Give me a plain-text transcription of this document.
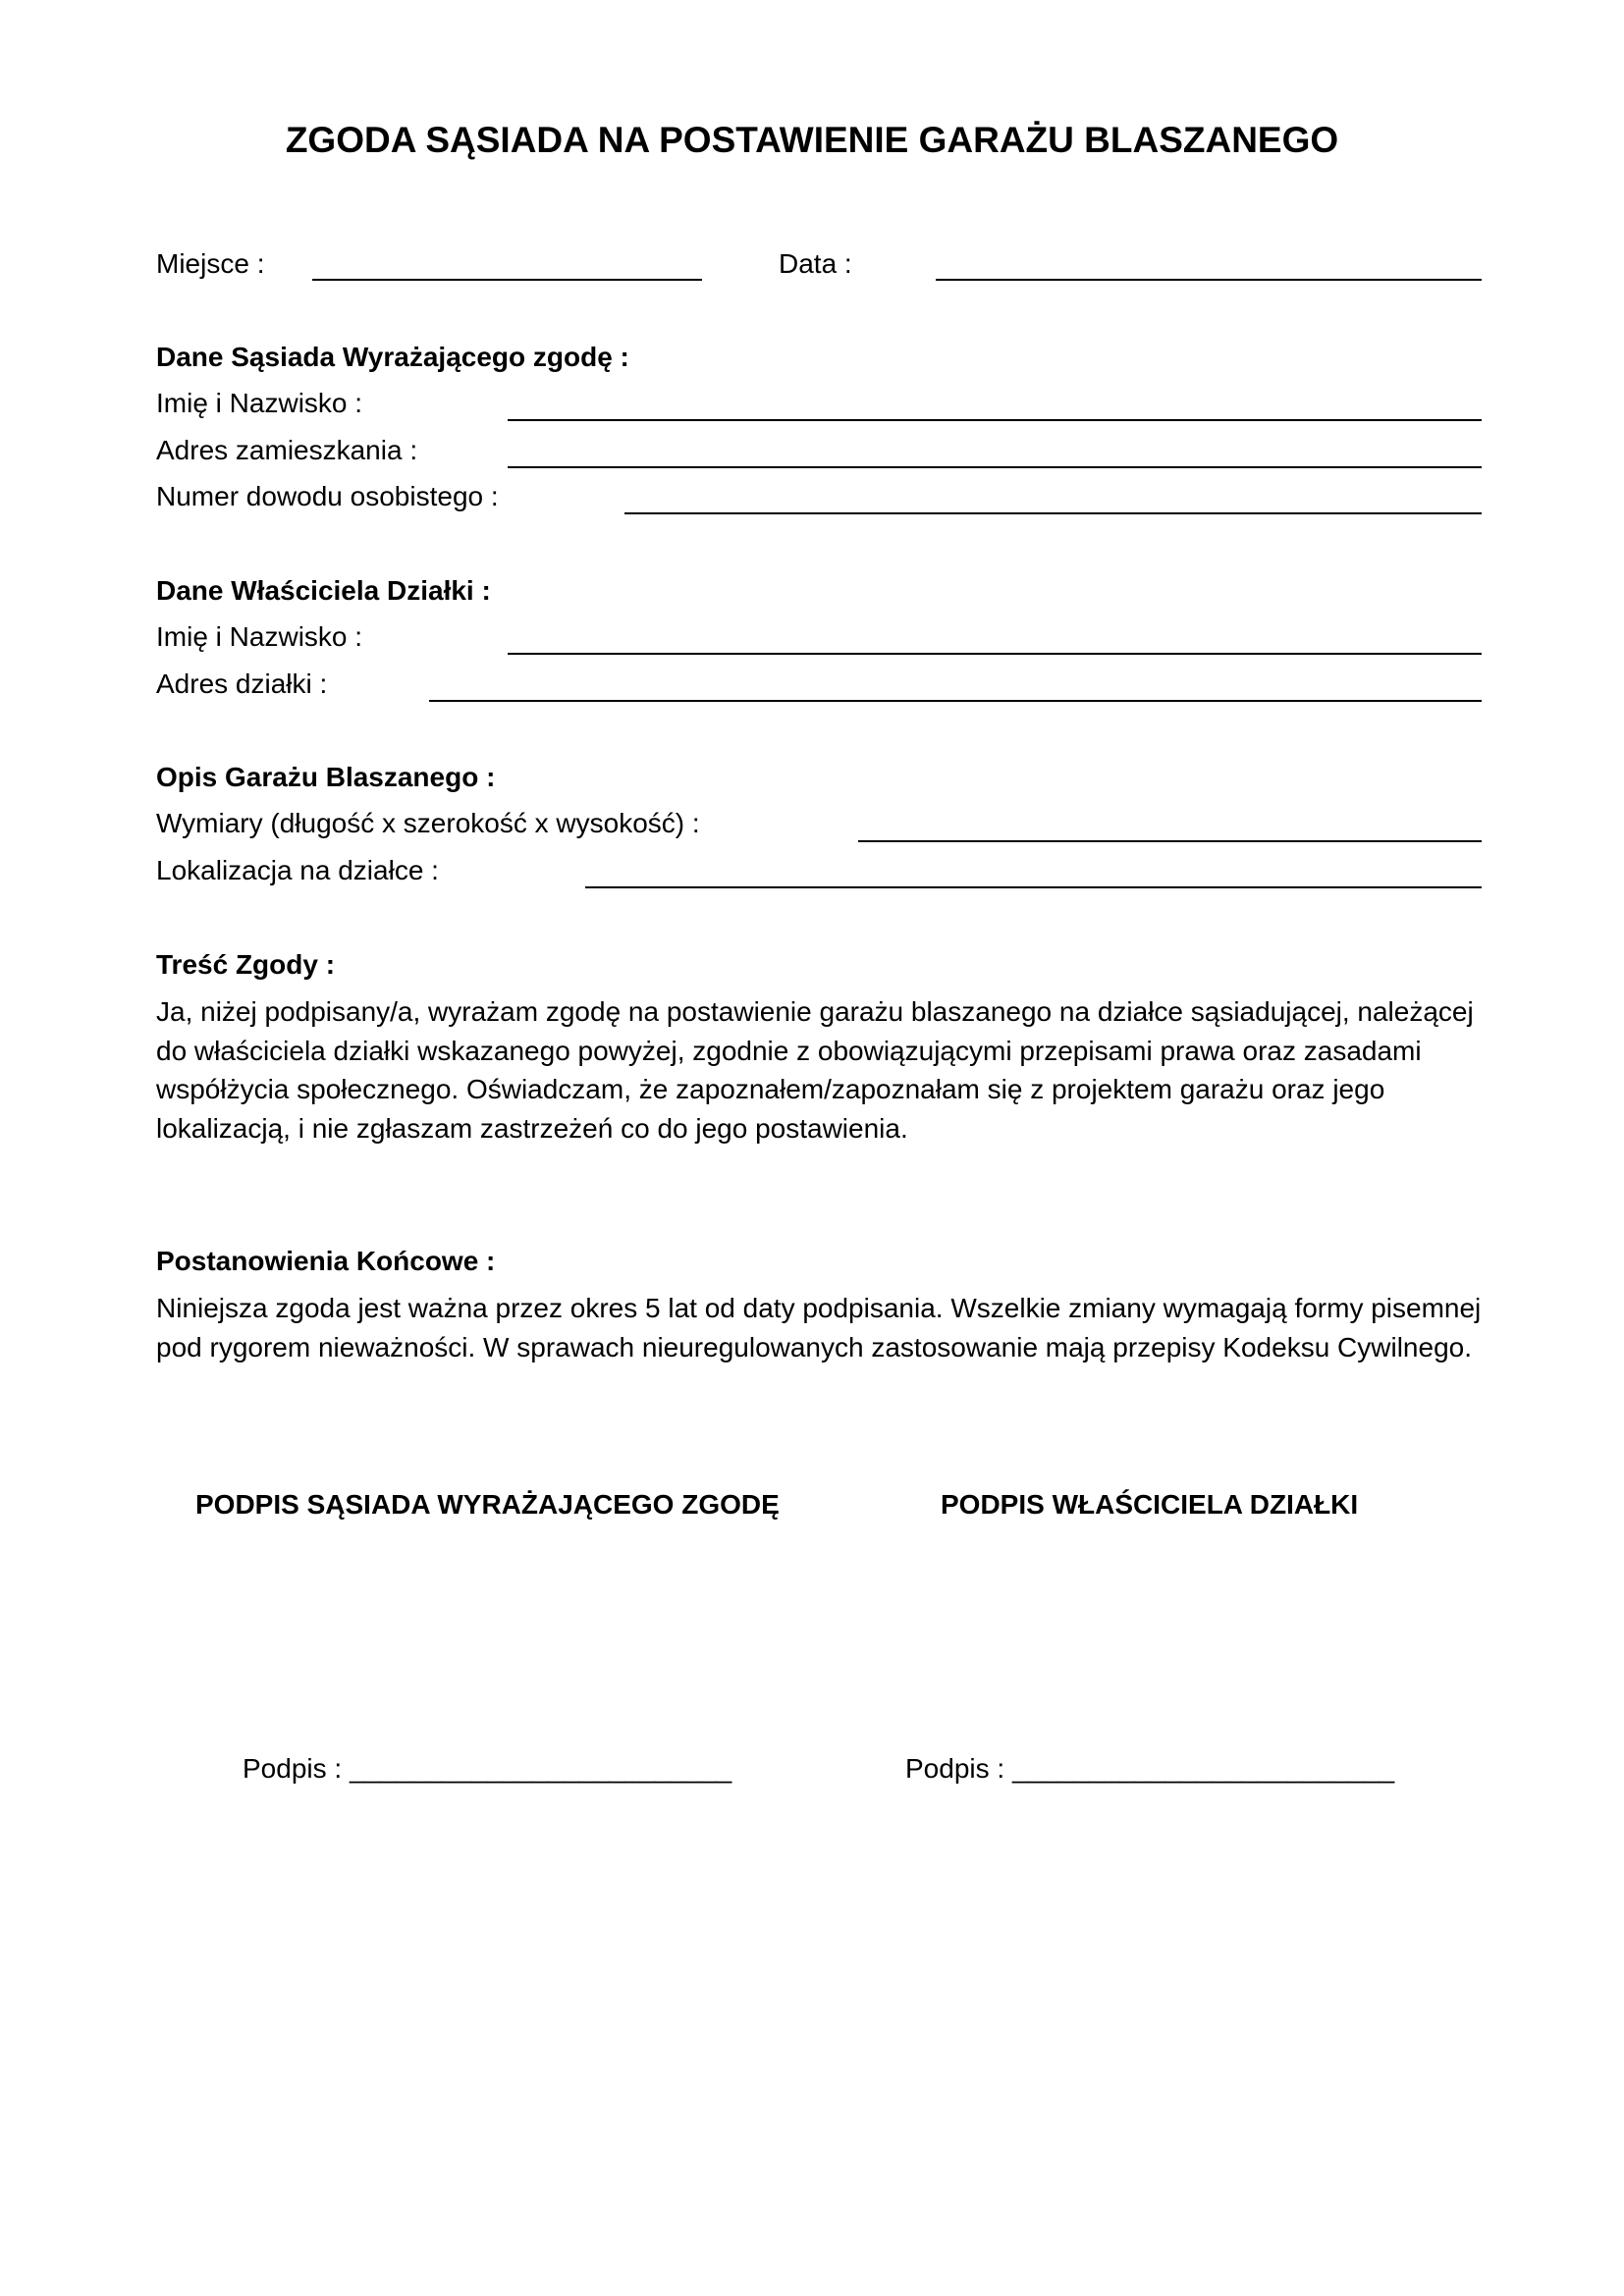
ZGODA SĄSIADA NA POSTAWIENIE GARAŻU BLASZANEGO
Miejsce :	Data :
Dane Sąsiada Wyrażającego zgodę :
Imię i Nazwisko :
Adres zamieszkania :
Numer dowodu osobistego :
Dane Właściciela Działki :
Imię i Nazwisko :
Adres działki :
Opis Garażu Blaszanego :
Wymiary (długość x szerokość x wysokość) :
Lokalizacja na działce :
Treść Zgody :
Ja, niżej podpisany/a, wyrażam zgodę na postawienie garażu blaszanego na działce sąsiadującej, należącej do właściciela działki wskazanego powyżej, zgodnie z obowiązującymi przepisami prawa oraz zasadami współżycia społecznego. Oświadczam, że zapoznałem/zapoznałam się z projektem garażu oraz jego lokalizacją, i nie zgłaszam zastrzeżeń co do jego postawienia.
Postanowienia Końcowe :
Niniejsza zgoda jest ważna przez okres 5 lat od daty podpisania. Wszelkie zmiany wymagają formy pisemnej pod rygorem nieważności. W sprawach nieuregulowanych zastosowanie mają przepisy Kodeksu Cywilnego.
PODPIS SĄSIADA WYRAŻAJĄCEGO ZGODĘ	PODPIS WŁAŚCICIELA DZIAŁKI
Podpis : _________________________	Podpis : _________________________
